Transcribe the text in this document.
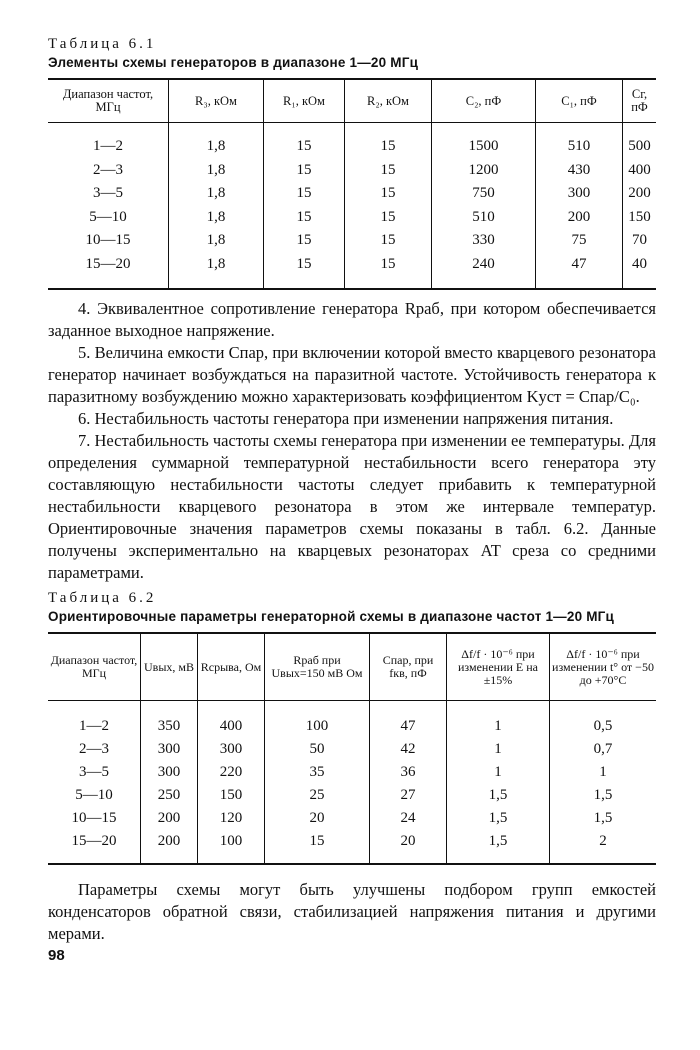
Таблица 6.1
Элементы схемы генераторов в диапазоне 1—20 МГц
Диапазон частот, МГц	R₃, кОм	R₁, кОм	R₂, кОм	C₂, пФ	C₁, пФ	Cг, пФ

1—2	1,8	15	15	1500	510	500
2—3	1,8	15	15	1200	430	400
3—5	1,8	15	15	750	300	200
5—10	1,8	15	15	510	200	150
10—15	1,8	15	15	330	75	70
15—20	1,8	15	15	240	47	40

4. Эквивалентное сопротивление генератора Rраб, при котором обеспечивается заданное выходное напряжение.

5. Величина емкости Cпар, при включении которой вместо кварцевого резонатора генератор начинает возбуждаться на паразитной частоте. Устойчивость генератора к паразитному возбуждению можно характеризовать коэффициентом Kуст = Cпар/C₀.

6. Нестабильность частоты генератора при изменении напряжения питания.

7. Нестабильность частоты схемы генератора при изменении ее температуры. Для определения суммарной температурной нестабильности всего генератора эту составляющую нестабильности частоты следует прибавить к температурной нестабильности кварцевого резонатора в этом же интервале температур. Ориентировочные значения параметров схемы показаны в табл. 6.2. Данные получены экспериментально на кварцевых резонаторах AT среза со средними параметрами.

Таблица 6.2
Ориентировочные параметры генераторной схемы в диапазоне частот 1—20 МГц
Диапазон частот, МГц	Uвых, мВ	Rсрыва, Ом	Rраб при Uвых=150 мВ Ом	Cпар, при fкв, пФ	Δf/f · 10⁻⁶ при изменении E на ±15%	Δf/f · 10⁻⁶ при изменении t° от −50 до +70°C

1—2	350	400	100	47	1	0,5
2—3	300	300	50	42	1	0,7
3—5	300	220	35	36	1	1
5—10	250	150	25	27	1,5	1,5
10—15	200	120	20	24	1,5	1,5
15—20	200	100	15	20	1,5	2

Параметры схемы могут быть улучшены подбором групп емкостей конденсаторов обратной связи, стабилизацией напряжения питания и другими мерами.

98
